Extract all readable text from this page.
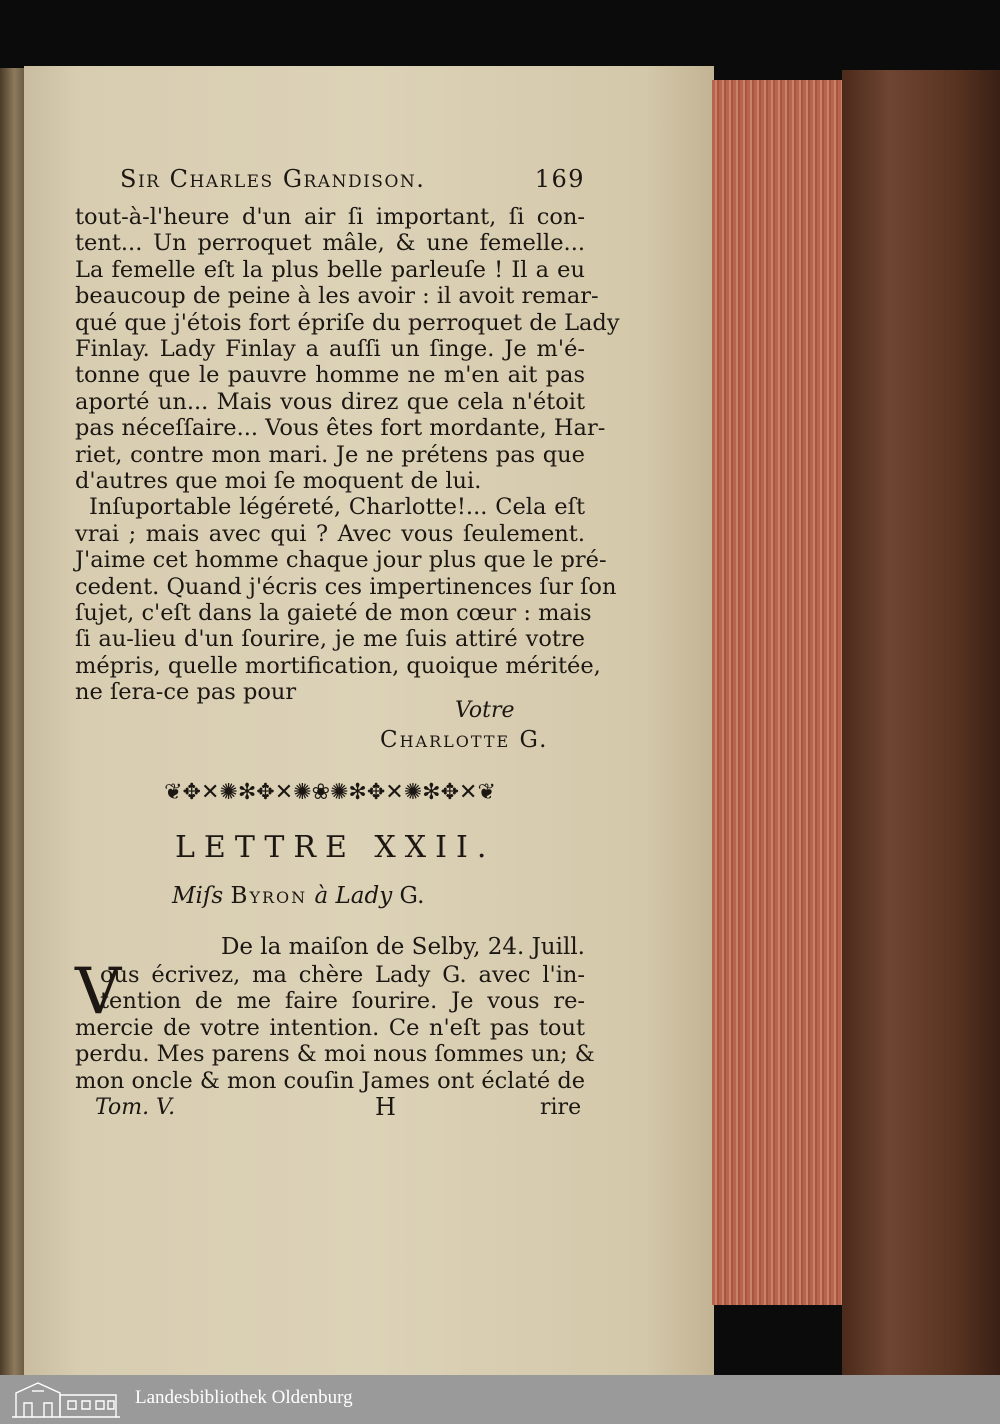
Sir Charles Grandison.	169
tout-à-l'heure d'un air ſi important, ſi con-
tent... Un perroquet mâle, & une femelle...
La femelle eſt la plus belle parleuſe ! Il a eu
beaucoup de peine à les avoir : il avoit remar-
qué que j'étois fort épriſe du perroquet de Lady
Finlay. Lady Finlay a auſſi un ſinge. Je m'é-
tonne que le pauvre homme ne m'en ait pas
aporté un... Mais vous direz que cela n'étoit
pas néceſſaire... Vous êtes fort mordante, Har-
riet, contre mon mari. Je ne prétens pas que
d'autres que moi ſe moquent de lui.
Inſuportable légéreté, Charlotte!... Cela eſt
vrai ; mais avec qui ? Avec vous ſeulement.
J'aime cet homme chaque jour plus que le pré-
cedent. Quand j'écris ces impertinences ſur ſon
ſujet, c'eſt dans la gaieté de mon cœur : mais
ſi au-lieu d'un ſourire, je me ſuis attiré votre
mépris, quelle mortification, quoique méritée,
ne ſera-ce pas pour
Votre
Charlotte G.
❦✥✕✺✻✥✕✺❀✺✻✥✕✺✻✥✕❦
LETTRE XXII.
Miſs Byron à Lady G.
De la maiſon de Selby, 24. Juill.
V
ous écrivez, ma chère Lady G. avec l'in-
tention de me faire ſourire. Je vous re-
mercie de votre intention. Ce n'eſt pas tout
perdu. Mes parens & moi nous ſommes un; &
mon oncle & mon couſin James ont éclaté de
Tom. V.	H	rire
Landesbibliothek Oldenburg
